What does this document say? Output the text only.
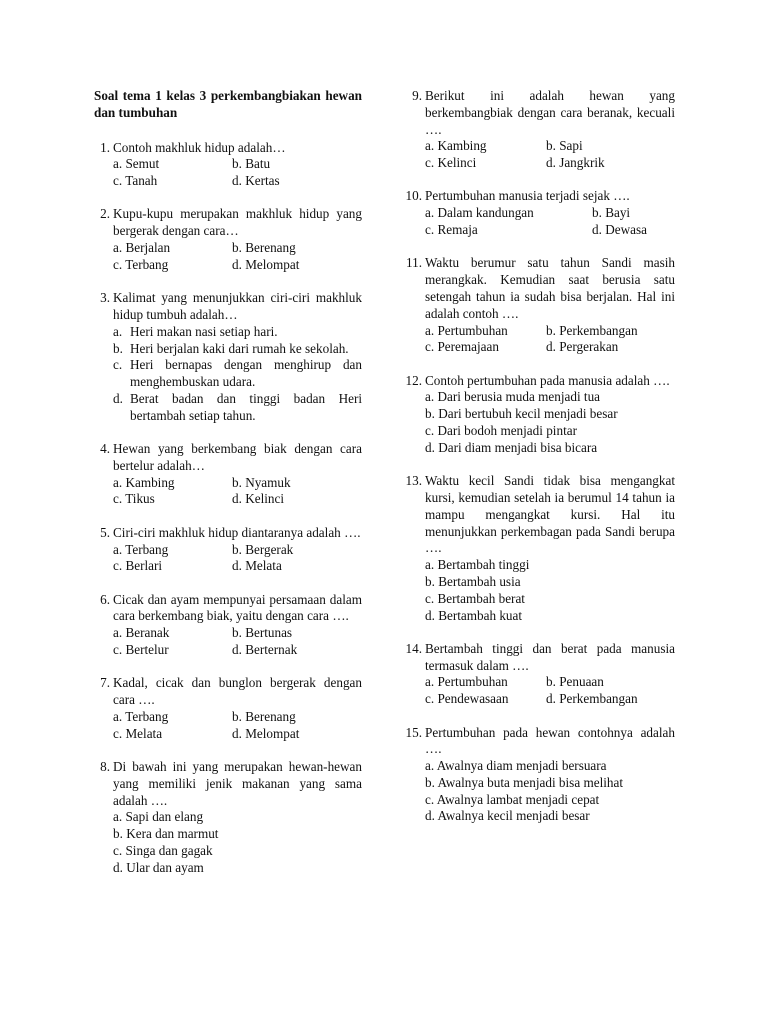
Soal tema 1 kelas 3 perkembangbiakan hewan dan tumbuhan
1. Contoh makhluk hidup adalah…
a. Semut	b. Batu
c. Tanah	d. Kertas
2. Kupu-kupu merupakan makhluk hidup yang bergerak dengan cara…
a. Berjalan	b. Berenang
c. Terbang	d. Melompat
3. Kalimat yang menunjukkan ciri-ciri makhluk hidup tumbuh adalah…
a. Heri makan nasi setiap hari.
b. Heri berjalan kaki dari rumah ke sekolah.
c. Heri bernapas dengan menghirup dan menghembuskan udara.
d. Berat badan dan tinggi badan Heri bertambah setiap tahun.
4. Hewan yang berkembang biak dengan cara bertelur adalah…
a. Kambing	b. Nyamuk
c. Tikus	d. Kelinci
5. Ciri-ciri makhluk hidup diantaranya adalah ….
a. Terbang	b. Bergerak
c. Berlari	d. Melata
6. Cicak dan ayam mempunyai persamaan dalam cara berkembang biak, yaitu dengan cara ….
a. Beranak	b. Bertunas
c. Bertelur	d. Berternak
7. Kadal, cicak dan bunglon bergerak dengan cara ….
a. Terbang	b. Berenang
c. Melata	d. Melompat
8. Di bawah ini yang merupakan hewan-hewan yang memiliki jenik makanan yang sama adalah ….
a. Sapi dan elang
b. Kera dan marmut
c. Singa dan gagak
d. Ular dan ayam
9. Berikut ini adalah hewan yang berkembangbiak dengan cara beranak, kecuali ….
a. Kambing	b. Sapi
c. Kelinci	d. Jangkrik
10. Pertumbuhan manusia terjadi sejak ….
a. Dalam kandungan	b. Bayi
c. Remaja	d. Dewasa
11. Waktu berumur satu tahun Sandi masih merangkak. Kemudian saat berusia satu setengah tahun ia sudah bisa berjalan. Hal ini adalah contoh ….
a. Pertumbuhan	b. Perkembangan
c. Peremajaan	d. Pergerakan
12. Contoh pertumbuhan pada manusia adalah ….
a. Dari berusia muda menjadi tua
b. Dari bertubuh kecil menjadi besar
c. Dari bodoh menjadi pintar
d. Dari diam menjadi bisa bicara
13. Waktu kecil Sandi tidak bisa mengangkat kursi, kemudian setelah ia berumul 14 tahun ia mampu mengangkat kursi. Hal itu menunjukkan perkembagan pada Sandi berupa ….
a. Bertambah tinggi
b. Bertambah usia
c. Bertambah berat
d. Bertambah kuat
14. Bertambah tinggi dan berat pada manusia termasuk dalam ….
a. Pertumbuhan	b. Penuaan
c. Pendewasaan	d. Perkembangan
15. Pertumbuhan pada hewan contohnya adalah ….
a. Awalnya diam menjadi bersuara
b. Awalnya buta menjadi bisa melihat
c. Awalnya lambat menjadi cepat
d. Awalnya kecil menjadi besar
